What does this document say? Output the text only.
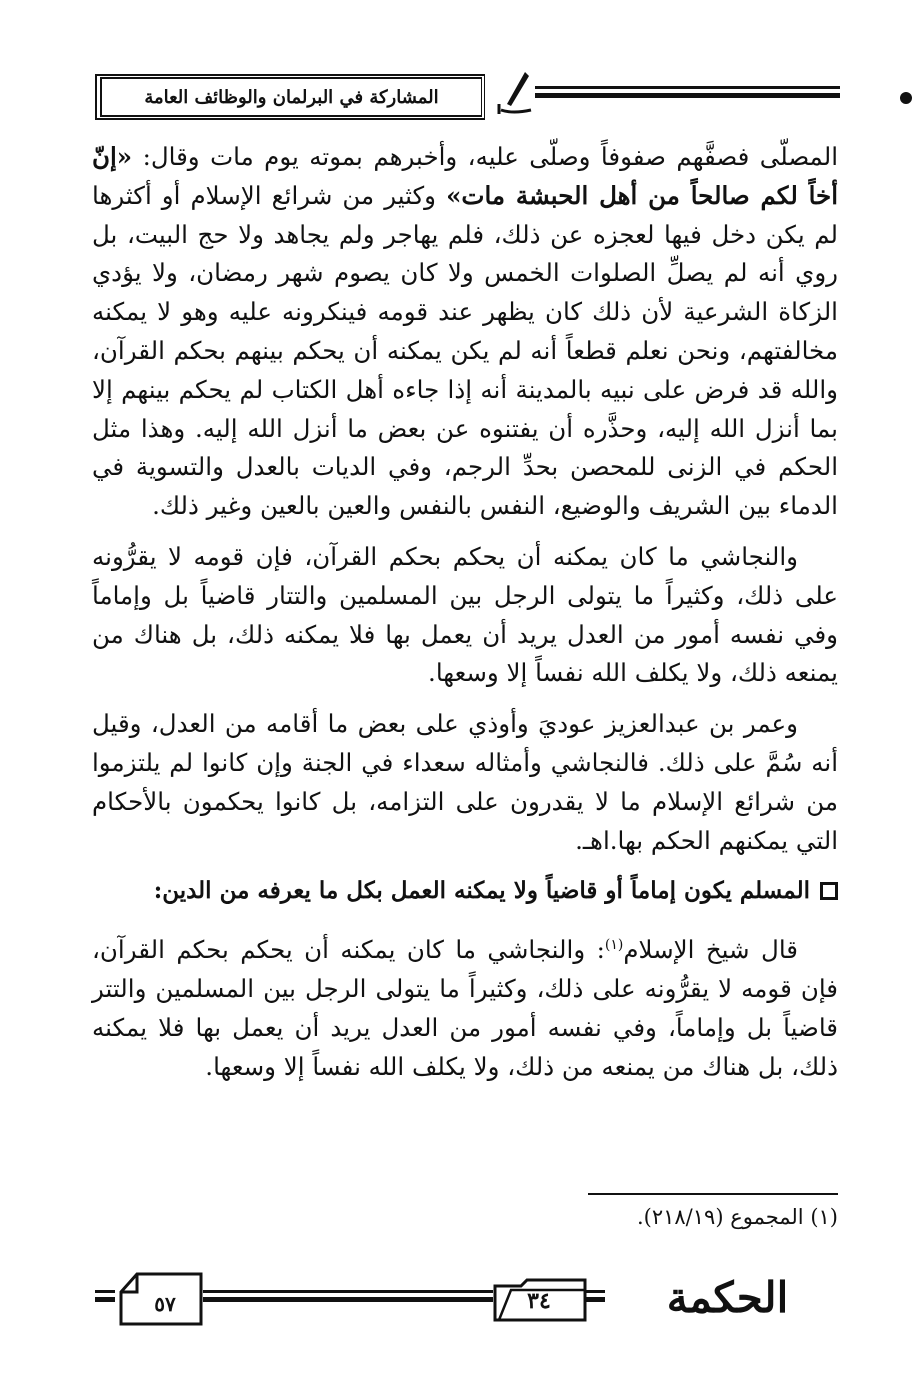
المشاركة في البرلمان والوظائف العامة

المصلّى فصفَّهم صفوفاً وصلّى عليه، وأخبرهم بموته يوم مات وقال: «إنّ أخاً لكم صالحاً من أهل الحبشة مات» وكثير من شرائع الإسلام أو أكثرها لم يكن دخل فيها لعجزه عن ذلك، فلم يهاجر ولم يجاهد ولا حج البيت، بل روي أنه لم يصلِّ الصلوات الخمس ولا كان يصوم شهر رمضان، ولا يؤدي الزكاة الشرعية لأن ذلك كان يظهر عند قومه فينكرونه عليه وهو لا يمكنه مخالفتهم، ونحن نعلم قطعاً أنه لم يكن يمكنه أن يحكم بينهم بحكم القرآن، والله قد فرض على نبيه بالمدينة أنه إذا جاءه أهل الكتاب لم يحكم بينهم إلا بما أنزل الله إليه، وحذَّره أن يفتنوه عن بعض ما أنزل الله إليه. وهذا مثل الحكم في الزنى للمحصن بحدِّ الرجم، وفي الديات بالعدل والتسوية في الدماء بين الشريف والوضيع، النفس بالنفس والعين بالعين وغير ذلك.

والنجاشي ما كان يمكنه أن يحكم بحكم القرآن، فإن قومه لا يقرُّونه على ذلك، وكثيراً ما يتولى الرجل بين المسلمين والتتار قاضياً بل وإماماً وفي نفسه أمور من العدل يريد أن يعمل بها فلا يمكنه ذلك، بل هناك من يمنعه ذلك، ولا يكلف الله نفساً إلا وسعها.

وعمر بن عبدالعزيز عوديَ وأوذي على بعض ما أقامه من العدل، وقيل أنه سُمَّ على ذلك. فالنجاشي وأمثاله سعداء في الجنة وإن كانوا لم يلتزموا من شرائع الإسلام ما لا يقدرون على التزامه، بل كانوا يحكمون بالأحكام التي يمكنهم الحكم بها.اهـ.

المسلم يكون إماماً أو قاضياً ولا يمكنه العمل بكل ما يعرفه من الدين:

قال شيخ الإسلام$^{(١)}$: والنجاشي ما كان يمكنه أن يحكم بحكم القرآن، فإن قومه لا يقرُّونه على ذلك، وكثيراً ما يتولى الرجل بين المسلمين والتتر قاضياً بل وإماماً، وفي نفسه أمور من العدل يريد أن يعمل بها فلا يمكنه ذلك، بل هناك من يمنعه من ذلك، ولا يكلف الله نفساً إلا وسعها.

(١) المجموع (٢١٨/١٩).
٥٧	٣٤	الحكمة
